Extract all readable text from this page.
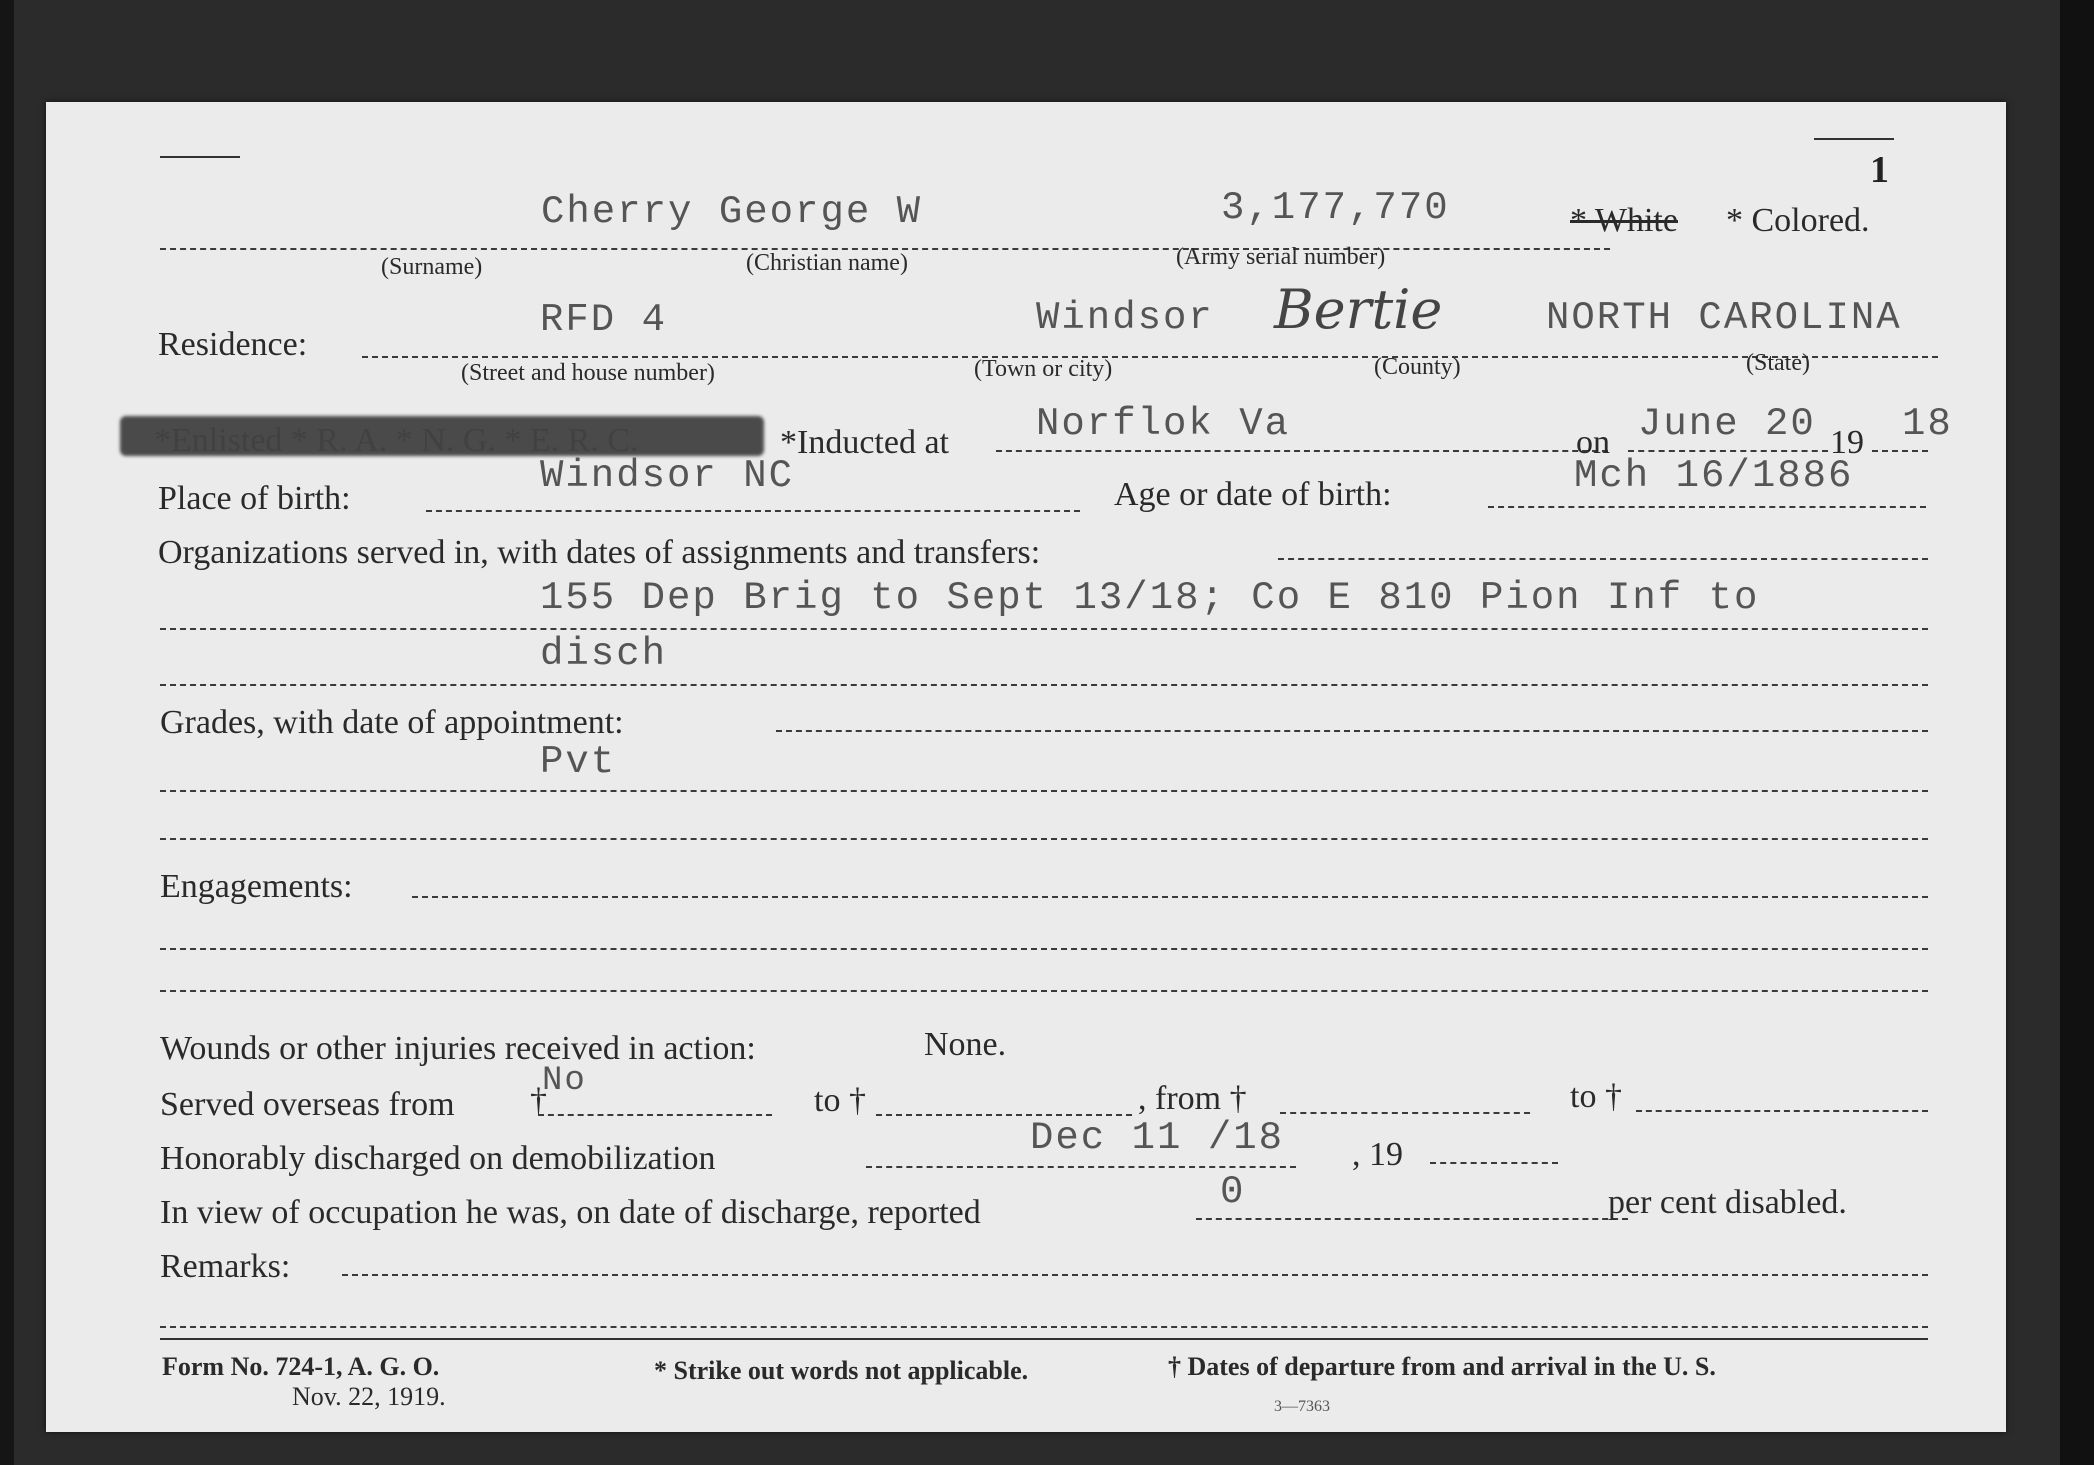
1

Cherry George W	3,177,770	* White * Colored.
(Surname)	(Christian name)	(Army serial number)
Residence:
RFD 4	Windsor Bertie	NORTH CAROLINA
(Street and house number)	(Town or city)	(County)	(State)
*Enlisted * R. A. * N. G. * E. R. C.	*Inducted at Norflok Va	on June 20 19 18
Place of birth:
Windsor NC	Age or date of birth:	Mch 16/1886
Organizations served in, with dates of assignments and transfers:
155 Dep Brig to Sept 13/18; Co E 810 Pion Inf to
disch
Grades, with date of appointment:
Pvt
Engagements:
Wounds or other injuries received in action:	None.
Served overseas from †
No
to †	, from †	to †
Honorably discharged on demobilization	Dec 11 /18 , 19
In view of occupation he was, on date of discharge, reported	0	per cent disabled.
Remarks:
Form No. 724-1, A. G. O.
Nov. 22, 1919.
* Strike out words not applicable.	† Dates of departure from and arrival in the U. S.
3—7363
